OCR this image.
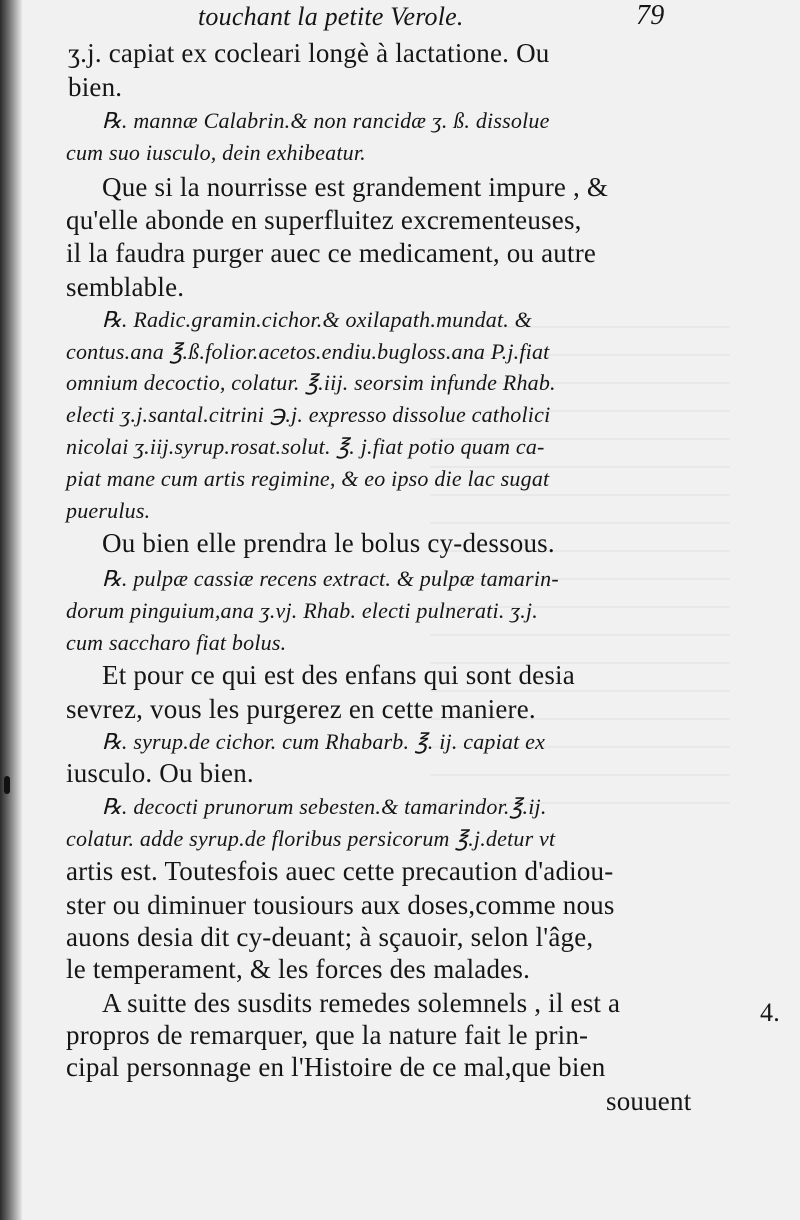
touchant la petite Verole.	79
ʒ.j. capiat ex cocleari longè à lactatione. Ou
bien.
℞. mannæ Calabrin.& non rancidæ ʒ. ß. dissolue
cum suo iusculo, dein exhibeatur.
Que si la nourrisse est grandement impure , &
qu'elle abonde en superfluitez excrementeuses,
il la faudra purger auec ce medicament, ou autre
semblable.
℞. Radic.gramin.cichor.& oxilapath.mundat. &
contus.ana ℥.ß.folior.acetos.endiu.bugloss.ana P.j.fiat
omnium decoctio, colatur. ℥.iij. seorsim infunde Rhab.
electi ʒ.j.santal.citrini ℈.j. expresso dissolue catholici
nicolai ʒ.iij.syrup.rosat.solut. ℥. j.fiat potio quam ca-
piat mane cum artis regimine, & eo ipso die lac sugat
puerulus.
Ou bien elle prendra le bolus cy-dessous.
℞. pulpæ cassiæ recens extract. & pulpæ tamarin-
dorum pinguium,ana ʒ.vj. Rhab. electi pulnerati. ʒ.j.
cum saccharo fiat bolus.
Et pour ce qui est des enfans qui sont desia
sevrez, vous les purgerez en cette maniere.
℞. syrup.de cichor. cum Rhabarb. ℥. ij. capiat ex
iusculo. Ou bien.
℞. decocti prunorum sebesten.& tamarindor.℥.ij.
colatur. adde syrup.de floribus persicorum ℥.j.detur vt
artis est. Toutesfois auec cette precaution d'adiou-
ster ou diminuer tousiours aux doses,comme nous
auons desia dit cy-deuant; à sçauoir, selon l'âge,
le temperament, & les forces des malades.
A suitte des susdits remedes solemnels , il est a
propros de remarquer, que la nature fait le prin-
cipal personnage en l'Histoire de ce mal,que bien
souuent
4.
